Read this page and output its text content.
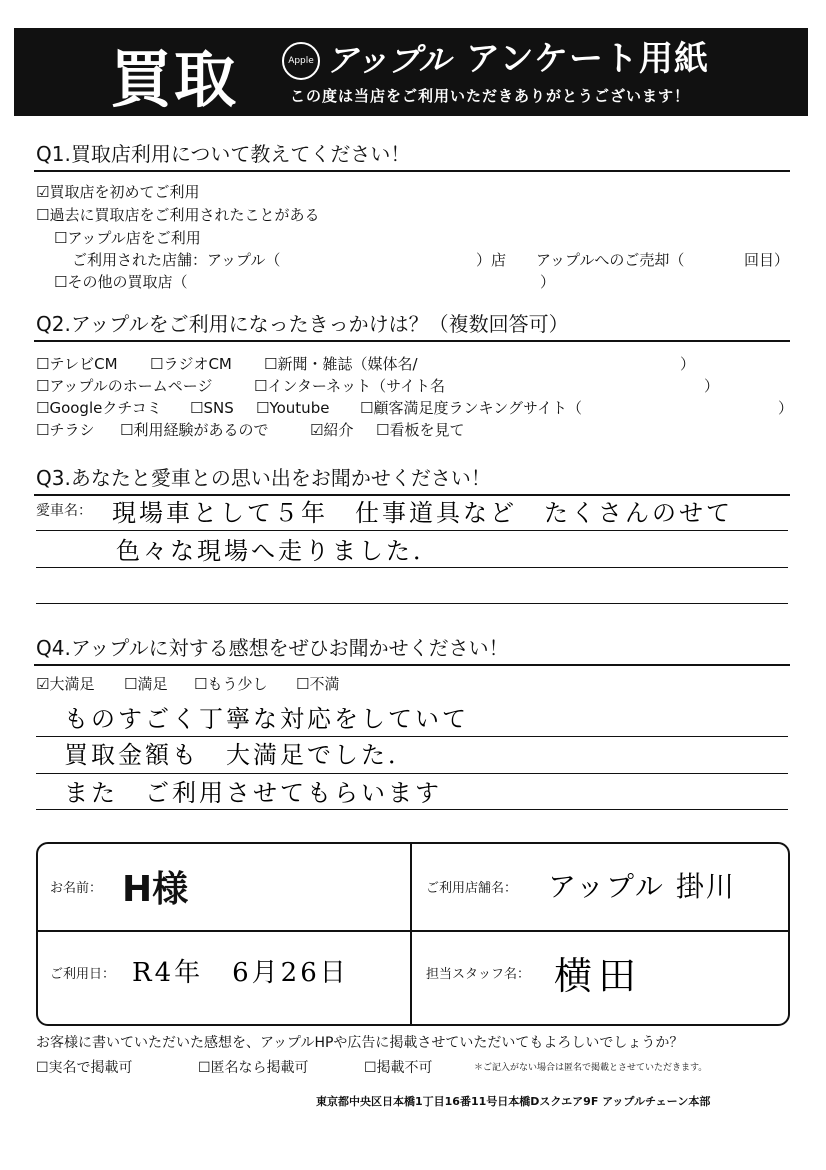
買取	Apple アップル アンケート用紙
この度は当店をご利用いただきありがとうございます！
Q1.買取店利用について教えてください！
☑買取店を初めてご利用
☐過去に買取店をご利用されたことがある
☐アップル店をご利用
ご利用された店舗：アップル（	）店 アップルへのご売却（	回目）
☐その他の買取店（	）
Q2.アップルをご利用になったきっかけは？（複数回答可）
☐テレビCM ☐ラジオCM ☐新聞・雑誌（媒体名/	）
☐アップルのホームページ	☐インターネット（サイト名	）
☐Googleクチコミ ☐SNS ☐Youtube ☐顧客満足度ランキングサイト（	）
☐チラシ ☐利用経験があるので	☑紹介 ☐看板を見て
Q3.あなたと愛車との思い出をお聞かせください！
愛車名： 現場車として５年　仕事道具など　たくさんのせて
色々な現場へ走りました．
Q4.アップルに対する感想をぜひお聞かせください！
☑大満足 ☐満足 ☐もう少し ☐不満
ものすごく丁寧な対応をしていて
買取金額も　大満足でした．
また　ご利用させてもらいます
お名前： H様	ご利用店舗名： アップル 掛川
ご利用日： R4年　6月26日	担当スタッフ名： 横田
お客様に書いていただいた感想を、アップルHPや広告に掲載させていただいてもよろしいでしょうか？
☐実名で掲載可	☐匿名なら掲載可	☐掲載不可	＊ご記入がない場合は匿名で掲載とさせていただきます。
東京都中央区日本橋1丁目16番11号日本橋Dスクエア9F アップルチェーン本部
